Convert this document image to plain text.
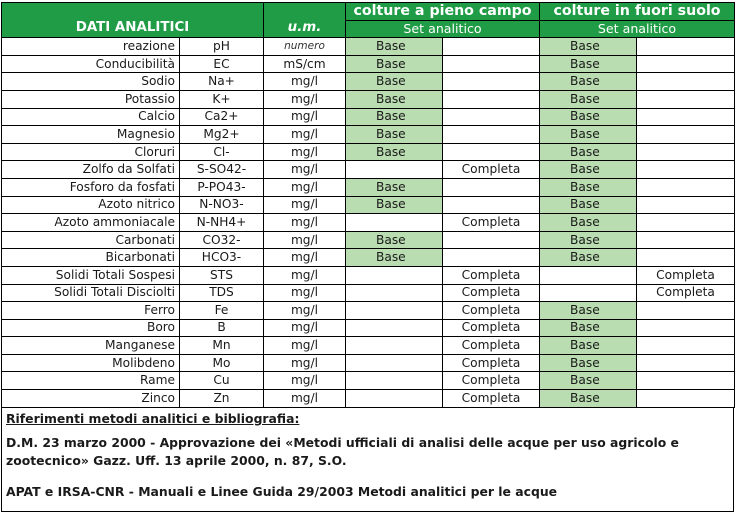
DATI ANALITICI		u.m.	colture a pieno campo		colture in fuori suolo	
			Set analitico		Set analitico	
reazione	pH	numero	Base		Base	
Conducibilità	EC	mS/cm	Base		Base	
Sodio	Na+	mg/l	Base		Base	
Potassio	K+	mg/l	Base		Base	
Calcio	Ca2+	mg/l	Base		Base	
Magnesio	Mg2+	mg/l	Base		Base	
Cloruri	Cl-	mg/l	Base		Base	
Zolfo da Solfati	S-SO42-	mg/l		Completa	Base	
Fosforo da fosfati	P-PO43-	mg/l	Base		Base	
Azoto nitrico	N-NO3-	mg/l	Base		Base	
Azoto ammoniacale	N-NH4+	mg/l		Completa	Base	
Carbonati	CO32-	mg/l	Base		Base	
Bicarbonati	HCO3-	mg/l	Base		Base	
Solidi Totali Sospesi	STS	mg/l		Completa		Completa
Solidi Totali Disciolti	TDS	mg/l		Completa		Completa
Ferro	Fe	mg/l		Completa	Base	
Boro	B	mg/l		Completa	Base	
Manganese	Mn	mg/l		Completa	Base	
Molibdeno	Mo	mg/l		Completa	Base	
Rame	Cu	mg/l		Completa	Base	
Zinco	Zn	mg/l		Completa	Base	
Riferimenti metodi analitici e bibliografia:
D.M. 23 marzo 2000 - Approvazione dei «Metodi ufficiali di analisi delle acque per uso agricolo e zootecnico» Gazz. Uff. 13 aprile 2000, n. 87, S.O.
APAT e IRSA-CNR - Manuali e Linee Guida 29/2003 Metodi analitici per le acque
